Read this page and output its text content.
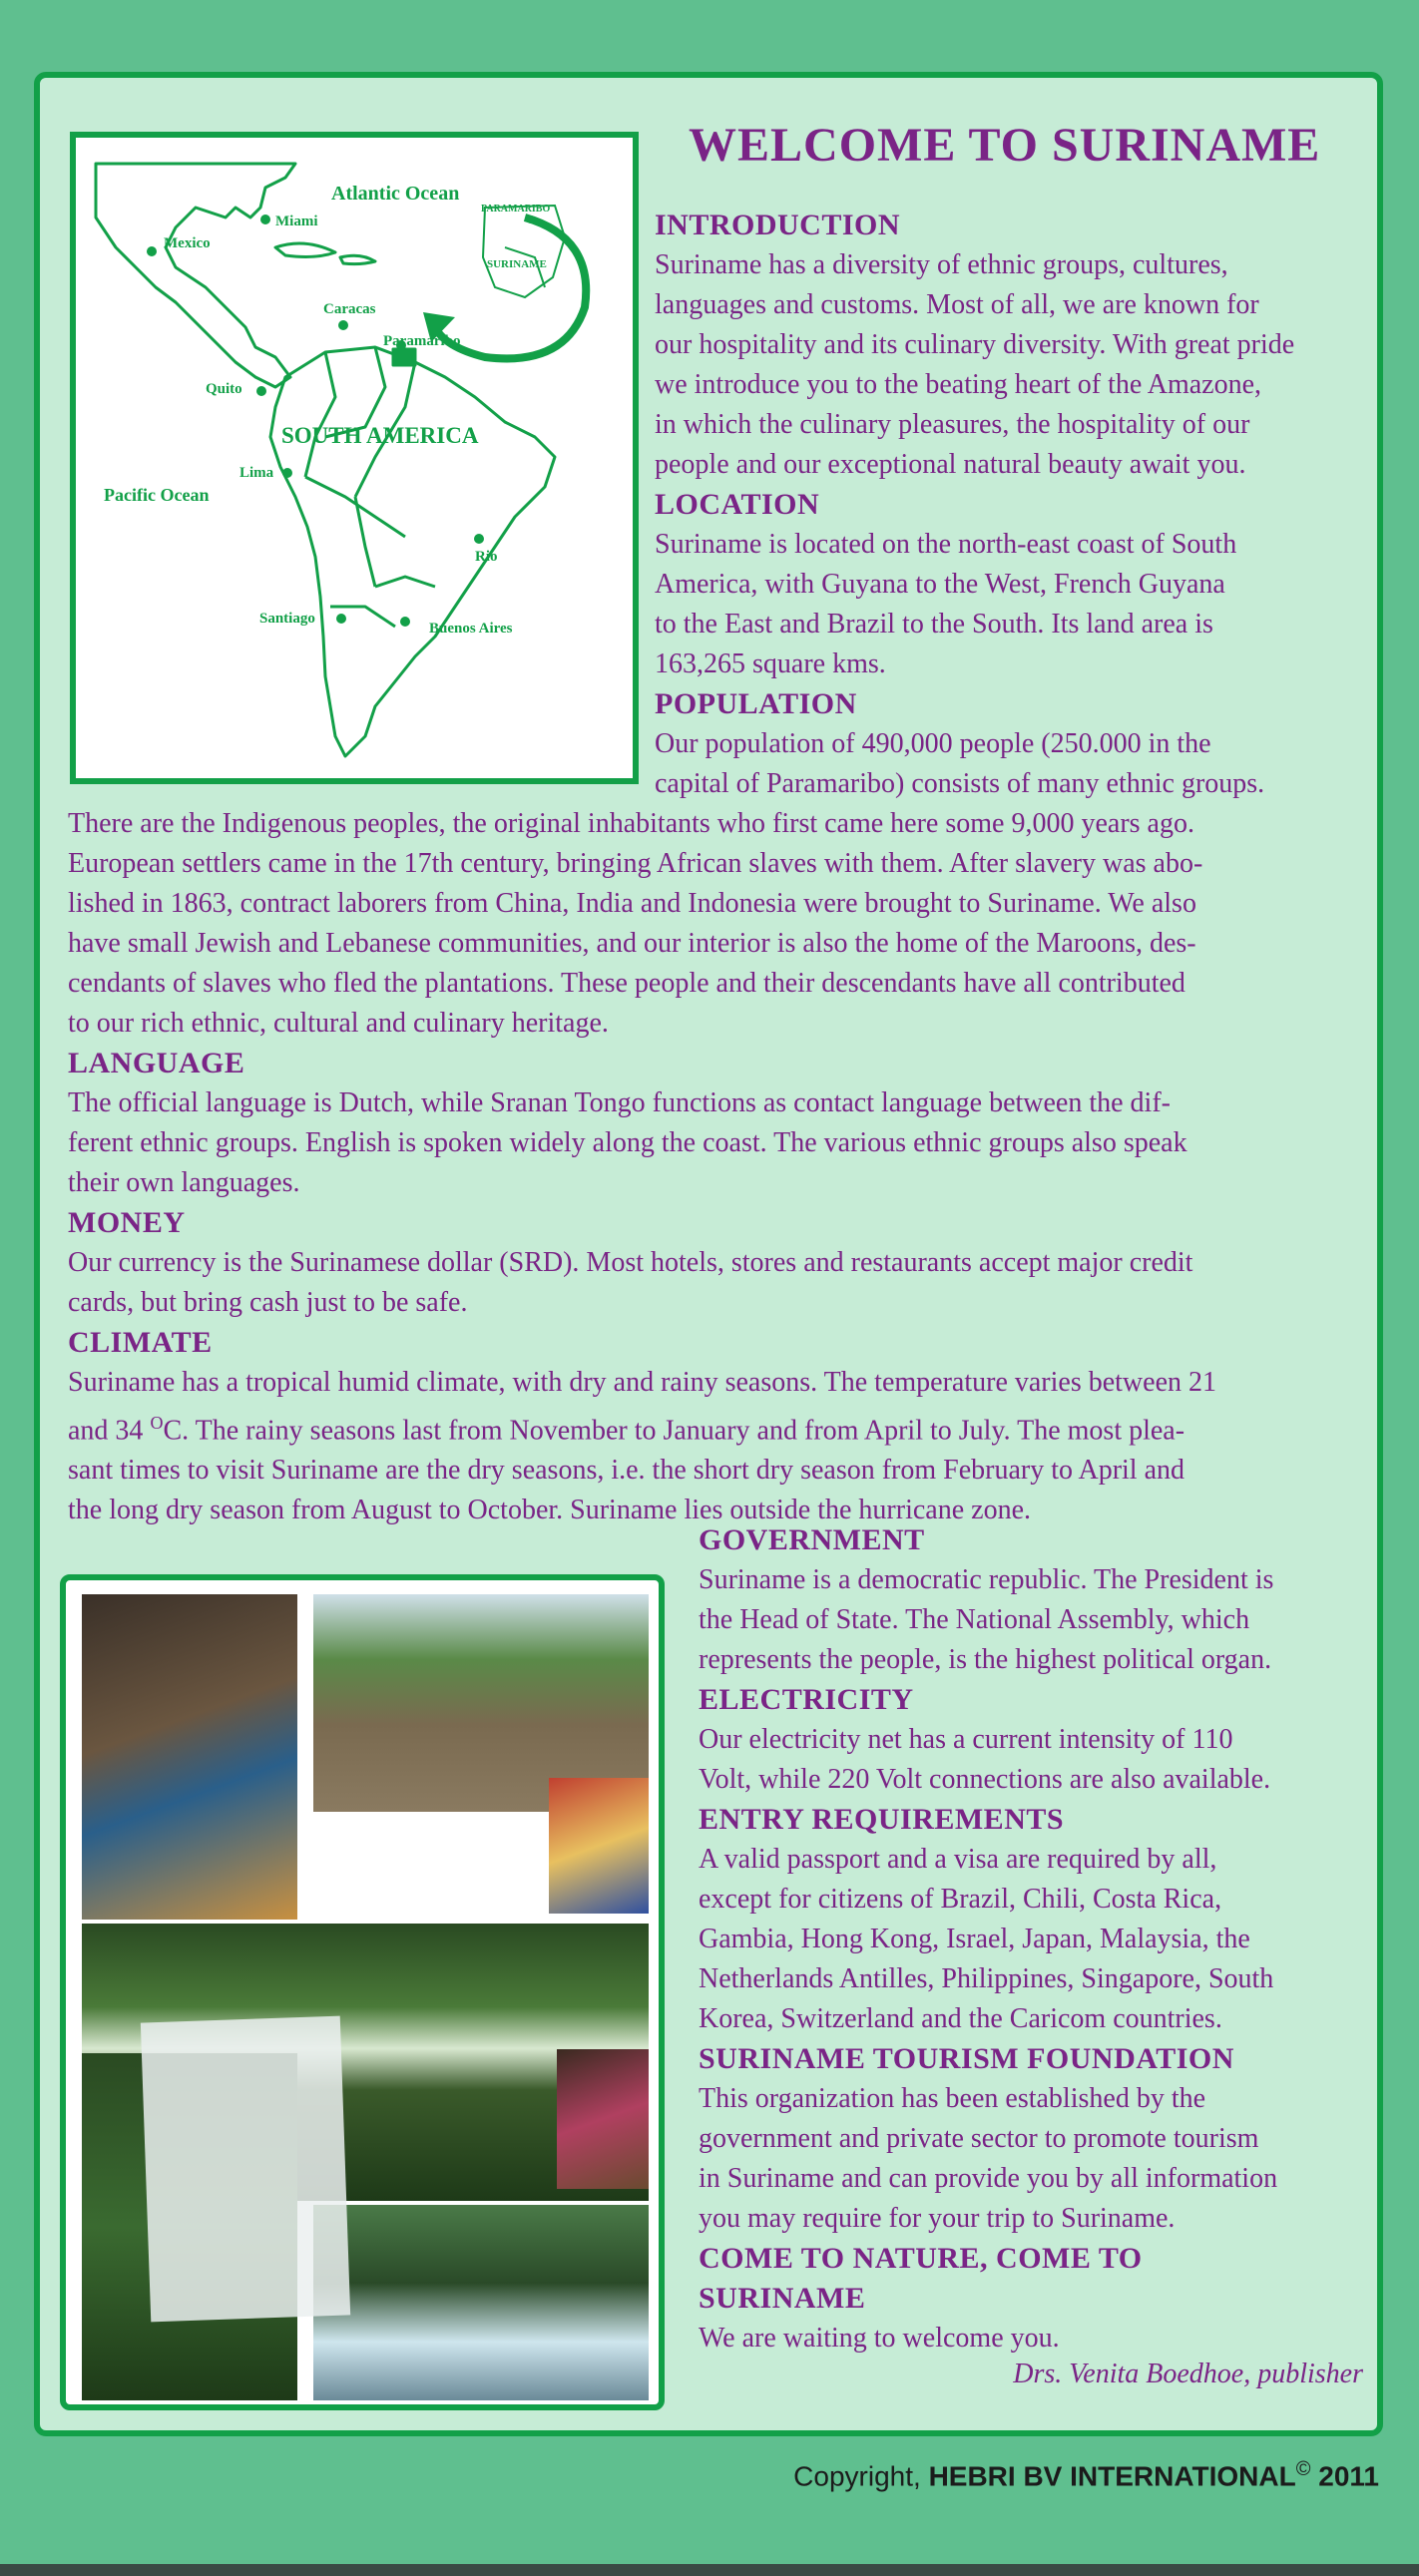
WELCOME TO SURINAME
Atlantic Ocean
Pacific Ocean
SOUTH AMERICA
Mexico
Miami
Caracas
Paramaribo
Quito
Lima
Rio
Santiago
Buenos Aires
PARAMARIBO
SURINAME
INTRODUCTION
Suriname has a diversity of ethnic groups, cultures,
languages and customs. Most of all, we are known for
our hospitality and its culinary diversity. With great pride
we introduce you to the beating heart of the Amazone,
in which the culinary pleasures, the hospitality of our
people and our exceptional natural beauty await you.
LOCATION
Suriname is located on the north-east coast of South
America, with Guyana to the West, French Guyana
to the East and Brazil to the South. Its land area is
163,265 square kms.
POPULATION
Our population of 490,000 people (250.000 in the
capital of Paramaribo) consists of many ethnic groups.
There are the Indigenous peoples, the original inhabitants who first came here some 9,000 years ago.
European settlers came in the 17th century, bringing African slaves with them. After slavery was abo-
lished in 1863, contract laborers from China, India and Indonesia were brought to Suriname. We also
have small Jewish and Lebanese communities, and our interior is also the home of the Maroons, des-
cendants of slaves who fled the plantations. These people and their descendants have all contributed
to our rich ethnic, cultural and culinary heritage.
LANGUAGE
The official language is Dutch, while Sranan Tongo functions as contact language between the dif-
ferent ethnic groups. English is spoken widely along the coast. The various ethnic groups also speak
their own languages.
MONEY
Our currency is the Surinamese dollar (SRD). Most hotels, stores and restaurants accept major credit
cards, but bring cash just to be safe.
CLIMATE
Suriname has a tropical humid climate, with dry and rainy seasons. The temperature varies between 21
and 34 $^O$C. The rainy seasons last from November to January and from April to July. The most plea-
sant times to visit Suriname are the dry seasons, i.e. the short dry season from February to April and
the long dry season from August to October. Suriname lies outside the hurricane zone.
GOVERNMENT
Suriname is a democratic republic. The President is
the Head of State. The National Assembly, which
represents the people, is the highest political organ.
ELECTRICITY
Our electricity net has a current intensity of 110
Volt, while 220 Volt connections are also available.
ENTRY REQUIREMENTS
A valid passport and a visa are required by all,
except for citizens of Brazil, Chili, Costa Rica,
Gambia, Hong Kong, Israel, Japan, Malaysia, the
Netherlands Antilles, Philippines, Singapore, South
Korea, Switzerland and the Caricom countries.
SURINAME TOURISM FOUNDATION
This organization has been established by the
government and private sector to promote tourism
in Suriname and can provide you by all information
you may require for your trip to Suriname.
COME TO NATURE, COME TO
SURINAME
We are waiting to welcome you.
Drs. Venita Boedhoe, publisher
Copyright, HEBRI BV INTERNATIONAL© 2011
